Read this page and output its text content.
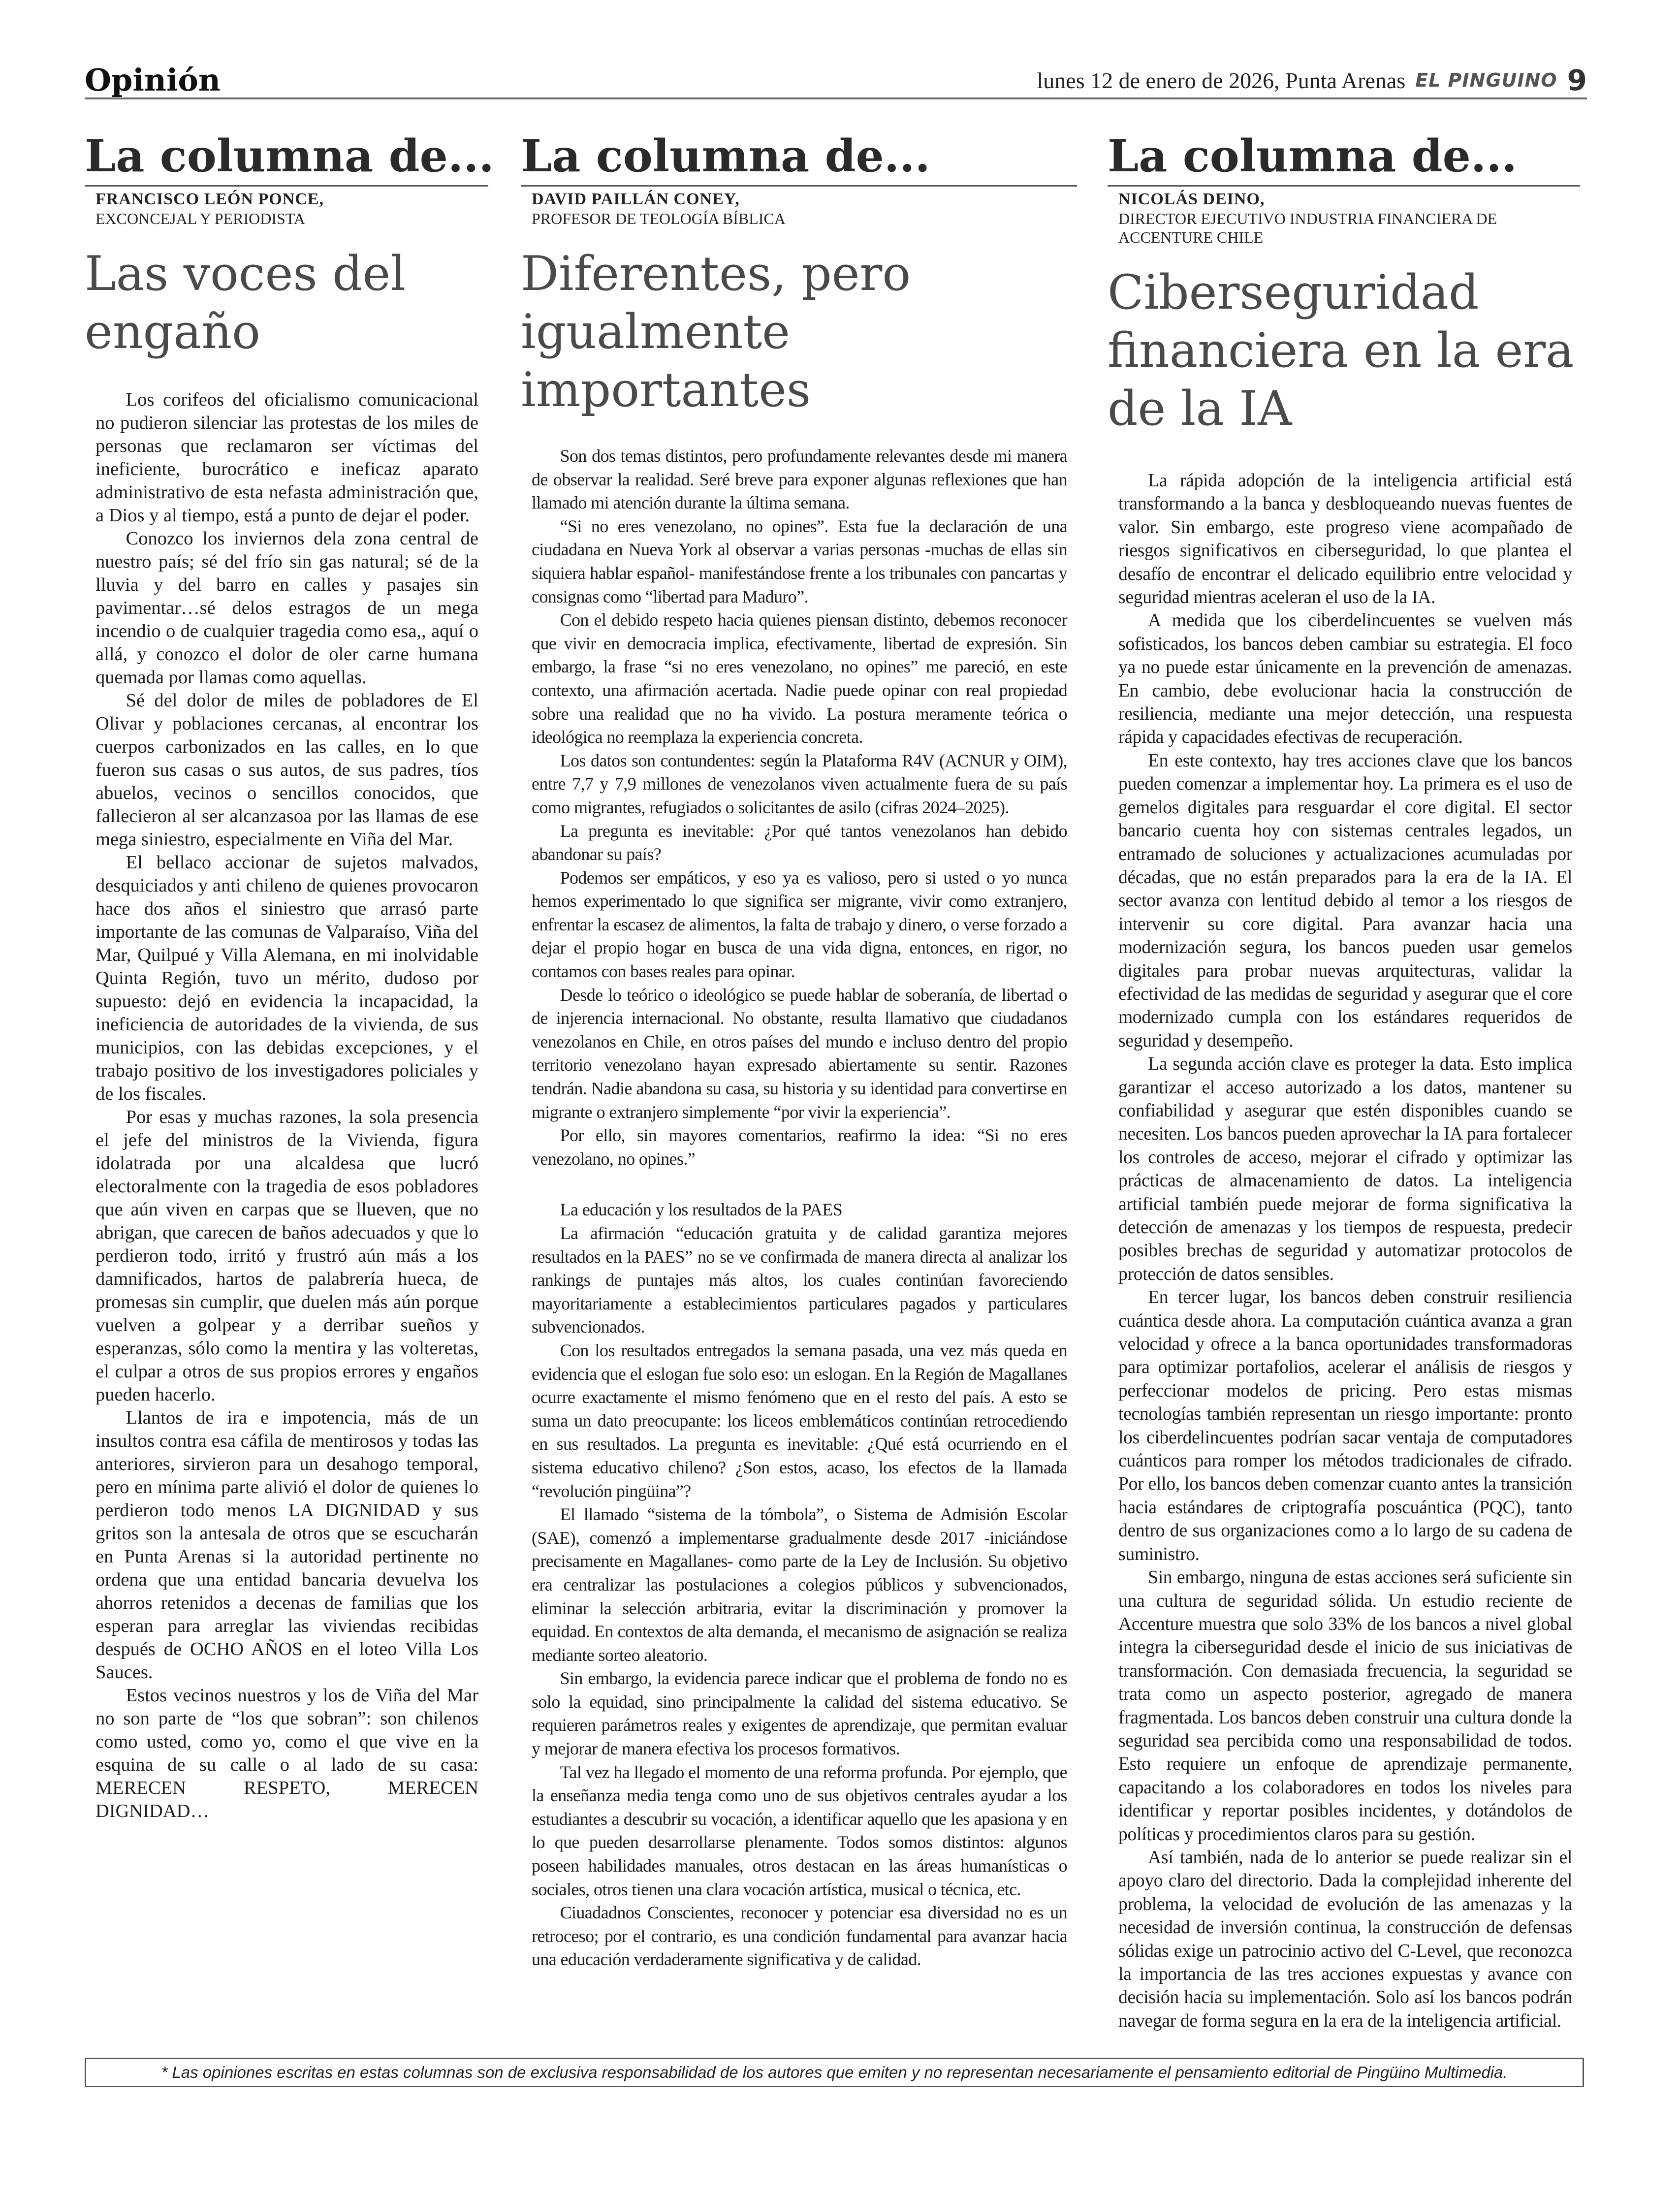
Opinión	lunes 12 de enero de 2026, Punta Arenas EL PINGUINO 9
La columna de...
FRANCISCO LEÓN PONCE,
EXCONCEJAL Y PERIODISTA
Las voces del engaño

Los corifeos del oficialismo comunicacional no pudieron silenciar las protestas de los miles de personas que reclamaron ser víctimas del ineficiente, burocrático e ineficaz aparato administrativo de esta nefasta administración que, a Dios y al tiempo, está a punto de dejar el poder.

Conozco los inviernos dela zona central de nuestro país; sé del frío sin gas natural; sé de la lluvia y del barro en calles y pasajes sin pavimentar…sé delos estragos de un mega incendio o de cualquier tragedia como esa,, aquí o allá, y conozco el dolor de oler carne humana quemada por llamas como aquellas.

Sé del dolor de miles de pobladores de El Olivar y poblaciones cercanas, al encontrar los cuerpos carbonizados en las calles, en lo que fueron sus casas o sus autos, de sus padres, tíos abuelos, vecinos o sencillos conocidos, que fallecieron al ser alcanzasoa por las llamas de ese mega siniestro, especialmente en Viña del Mar.

El bellaco accionar de sujetos malvados, desquiciados y anti chileno de quienes provocaron hace dos años el siniestro que arrasó parte importante de las comunas de Valparaíso, Viña del Mar, Quilpué y Villa Alemana, en mi inolvidable Quinta Región, tuvo un mérito, dudoso por supuesto: dejó en evidencia la incapacidad, la ineficiencia de autoridades de la vivienda, de sus municipios, con las debidas excepciones, y el trabajo positivo de los investigadores policiales y de los fiscales.

Por esas y muchas razones, la sola presencia el jefe del ministros de la Vivienda, figura idolatrada por una alcaldesa que lucró electoralmente con la tragedia de esos pobladores que aún viven en carpas que se llueven, que no abrigan, que carecen de baños adecuados y que lo perdieron todo, irritó y frustró aún más a los damnificados, hartos de palabrería hueca, de promesas sin cumplir, que duelen más aún porque vuelven a golpear y a derribar sueños y esperanzas, sólo como la mentira y las volteretas, el culpar a otros de sus propios errores y engaños pueden hacerlo.

Llantos de ira e impotencia, más de un insultos contra esa cáfila de mentirosos y todas las anteriores, sirvieron para un desahogo temporal, pero en mínima parte alivió el dolor de quienes lo perdieron todo menos LA DIGNIDAD y sus gritos son la antesala de otros que se escucharán en Punta Arenas si la autoridad pertinente no ordena que una entidad bancaria devuelva los ahorros retenidos a decenas de familias que los esperan para arreglar las viviendas recibidas después de OCHO AÑOS en el loteo Villa Los Sauces.

Estos vecinos nuestros y los de Viña del Mar no son parte de “los que sobran”: son chilenos como usted, como yo, como el que vive en la esquina de su calle o al lado de su casa: MERECEN RESPETO, MERECEN DIGNIDAD…

La columna de...
DAVID PAILLÁN CONEY,
PROFESOR DE TEOLOGÍA BÍBLICA
Diferentes, pero igualmente importantes

Son dos temas distintos, pero profundamente relevantes desde mi manera de observar la realidad. Seré breve para exponer algunas reflexiones que han llamado mi atención durante la última semana.

“Si no eres venezolano, no opines”. Esta fue la declaración de una ciudadana en Nueva York al observar a varias personas -muchas de ellas sin siquiera hablar español- manifestándose frente a los tribunales con pancartas y consignas como “libertad para Maduro”.

Con el debido respeto hacia quienes piensan distinto, debemos reconocer que vivir en democracia implica, efectivamente, libertad de expresión. Sin embargo, la frase “si no eres venezolano, no opines” me pareció, en este contexto, una afirmación acertada. Nadie puede opinar con real propiedad sobre una realidad que no ha vivido. La postura meramente teórica o ideológica no reemplaza la experiencia concreta.

Los datos son contundentes: según la Plataforma R4V (ACNUR y OIM), entre 7,7 y 7,9 millones de venezolanos viven actualmente fuera de su país como migrantes, refugiados o solicitantes de asilo (cifras 2024–2025).

La pregunta es inevitable: ¿Por qué tantos venezolanos han debido abandonar su país?

Podemos ser empáticos, y eso ya es valioso, pero si usted o yo nunca hemos experimentado lo que significa ser migrante, vivir como extranjero, enfrentar la escasez de alimentos, la falta de trabajo y dinero, o verse forzado a dejar el propio hogar en busca de una vida digna, entonces, en rigor, no contamos con bases reales para opinar.

Desde lo teórico o ideológico se puede hablar de soberanía, de libertad o de injerencia internacional. No obstante, resulta llamativo que ciudadanos venezolanos en Chile, en otros países del mundo e incluso dentro del propio territorio venezolano hayan expresado abiertamente su sentir. Razones tendrán. Nadie abandona su casa, su historia y su identidad para convertirse en migrante o extranjero simplemente “por vivir la experiencia”.

Por ello, sin mayores comentarios, reafirmo la idea: “Si no eres venezolano, no opines.”

La educación y los resultados de la PAES

La afirmación “educación gratuita y de calidad garantiza mejores resultados en la PAES” no se ve confirmada de manera directa al analizar los rankings de puntajes más altos, los cuales continúan favoreciendo mayoritariamente a establecimientos particulares pagados y particulares subvencionados.

Con los resultados entregados la semana pasada, una vez más queda en evidencia que el eslogan fue solo eso: un eslogan. En la Región de Magallanes ocurre exactamente el mismo fenómeno que en el resto del país. A esto se suma un dato preocupante: los liceos emblemáticos continúan retrocediendo en sus resultados. La pregunta es inevitable: ¿Qué está ocurriendo en el sistema educativo chileno? ¿Son estos, acaso, los efectos de la llamada “revolución pingüina”?

El llamado “sistema de la tómbola”, o Sistema de Admisión Escolar (SAE), comenzó a implementarse gradualmente desde 2017 -iniciándose precisamente en Magallanes- como parte de la Ley de Inclusión. Su objetivo era centralizar las postulaciones a colegios públicos y subvencionados, eliminar la selección arbitraria, evitar la discriminación y promover la equidad. En contextos de alta demanda, el mecanismo de asignación se realiza mediante sorteo aleatorio.

Sin embargo, la evidencia parece indicar que el problema de fondo no es solo la equidad, sino principalmente la calidad del sistema educativo. Se requieren parámetros reales y exigentes de aprendizaje, que permitan evaluar y mejorar de manera efectiva los procesos formativos.

Tal vez ha llegado el momento de una reforma profunda. Por ejemplo, que la enseñanza media tenga como uno de sus objetivos centrales ayudar a los estudiantes a descubrir su vocación, a identificar aquello que les apasiona y en lo que pueden desarrollarse plenamente. Todos somos distintos: algunos poseen habilidades manuales, otros destacan en las áreas humanísticas o sociales, otros tienen una clara vocación artística, musical o técnica, etc.

Ciuadadnos Conscientes, reconocer y potenciar esa diversidad no es un retroceso; por el contrario, es una condición fundamental para avanzar hacia una educación verdaderamente significativa y de calidad.

La columna de...
NICOLÁS DEINO,
DIRECTOR EJECUTIVO INDUSTRIA FINANCIERA DE ACCENTURE CHILE
Ciberseguridad financiera en la era de la IA

La rápida adopción de la inteligencia artificial está transformando a la banca y desbloqueando nuevas fuentes de valor. Sin embargo, este progreso viene acompañado de riesgos significativos en ciberseguridad, lo que plantea el desafío de encontrar el delicado equilibrio entre velocidad y seguridad mientras aceleran el uso de la IA.

A medida que los ciberdelincuentes se vuelven más sofisticados, los bancos deben cambiar su estrategia. El foco ya no puede estar únicamente en la prevención de amenazas. En cambio, debe evolucionar hacia la construcción de resiliencia, mediante una mejor detección, una respuesta rápida y capacidades efectivas de recuperación.

En este contexto, hay tres acciones clave que los bancos pueden comenzar a implementar hoy. La primera es el uso de gemelos digitales para resguardar el core digital. El sector bancario cuenta hoy con sistemas centrales legados, un entramado de soluciones y actualizaciones acumuladas por décadas, que no están preparados para la era de la IA. El sector avanza con lentitud debido al temor a los riesgos de intervenir su core digital. Para avanzar hacia una modernización segura, los bancos pueden usar gemelos digitales para probar nuevas arquitecturas, validar la efectividad de las medidas de seguridad y asegurar que el core modernizado cumpla con los estándares requeridos de seguridad y desempeño.

La segunda acción clave es proteger la data. Esto implica garantizar el acceso autorizado a los datos, mantener su confiabilidad y asegurar que estén disponibles cuando se necesiten. Los bancos pueden aprovechar la IA para fortalecer los controles de acceso, mejorar el cifrado y optimizar las prácticas de almacenamiento de datos. La inteligencia artificial también puede mejorar de forma significativa la detección de amenazas y los tiempos de respuesta, predecir posibles brechas de seguridad y automatizar protocolos de protección de datos sensibles.

En tercer lugar, los bancos deben construir resiliencia cuántica desde ahora. La computación cuántica avanza a gran velocidad y ofrece a la banca oportunidades transformadoras para optimizar portafolios, acelerar el análisis de riesgos y perfeccionar modelos de pricing. Pero estas mismas tecnologías también representan un riesgo importante: pronto los ciberdelincuentes podrían sacar ventaja de computadores cuánticos para romper los métodos tradicionales de cifrado. Por ello, los bancos deben comenzar cuanto antes la transición hacia estándares de criptografía poscuántica (PQC), tanto dentro de sus organizaciones como a lo largo de su cadena de suministro.

Sin embargo, ninguna de estas acciones será suficiente sin una cultura de seguridad sólida. Un estudio reciente de Accenture muestra que solo 33% de los bancos a nivel global integra la ciberseguridad desde el inicio de sus iniciativas de transformación. Con demasiada frecuencia, la seguridad se trata como un aspecto posterior, agregado de manera fragmentada. Los bancos deben construir una cultura donde la seguridad sea percibida como una responsabilidad de todos. Esto requiere un enfoque de aprendizaje permanente, capacitando a los colaboradores en todos los niveles para identificar y reportar posibles incidentes, y dotándolos de políticas y procedimientos claros para su gestión.

Así también, nada de lo anterior se puede realizar sin el apoyo claro del directorio. Dada la complejidad inherente del problema, la velocidad de evolución de las amenazas y la necesidad de inversión continua, la construcción de defensas sólidas exige un patrocinio activo del C-Level, que reconozca la importancia de las tres acciones expuestas y avance con decisión hacia su implementación. Solo así los bancos podrán navegar de forma segura en la era de la inteligencia artificial.

* Las opiniones escritas en estas columnas son de exclusiva responsabilidad de los autores que emiten y no representan necesariamente el pensamiento editorial de Pingüino Multimedia.
